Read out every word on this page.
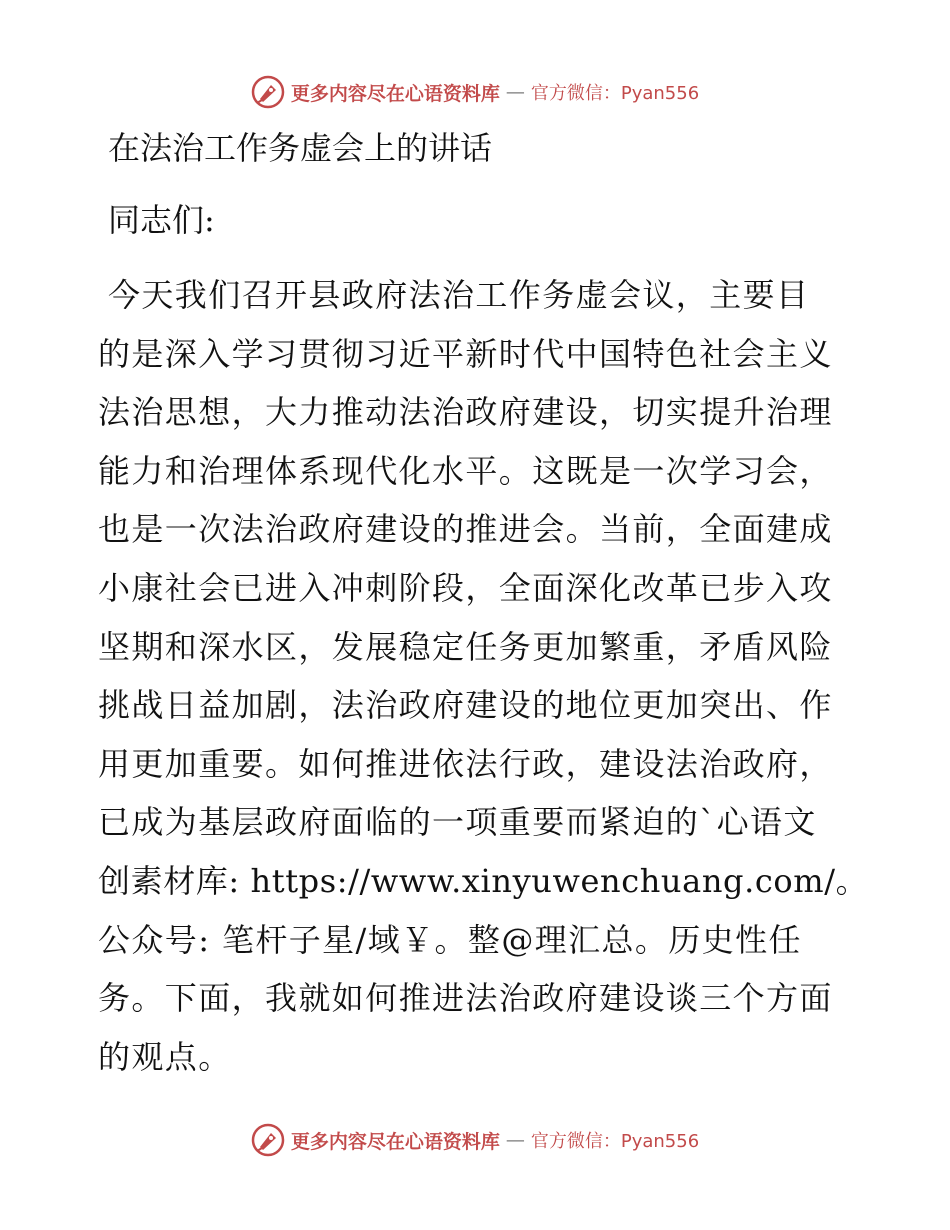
更多内容尽在心语资料库 — 官方微信：Pyan556
在法治工作务虚会上的讲话

同志们:

今天我们召开县政府法治工作务虚会议，主要目
的是深入学习贯彻习近平新时代中国特色社会主义
法治思想，大力推动法治政府建设，切实提升治理
能力和治理体系现代化水平。这既是一次学习会，
也是一次法治政府建设的推进会。当前，全面建成
小康社会已进入冲刺阶段，全面深化改革已步入攻
坚期和深水区，发展稳定任务更加繁重，矛盾风险
挑战日益加剧，法治政府建设的地位更加突出、作
用更加重要。如何推进依法行政，建设法治政府，
已成为基层政府面临的一项重要而紧迫的`心语文
创素材库: https://www.xinyuwenchuang.com/。
公众号: 笔杆子星/域￥。整@理汇总。历史性任
务。下面，我就如何推进法治政府建设谈三个方面
的观点。
更多内容尽在心语资料库 — 官方微信：Pyan556
